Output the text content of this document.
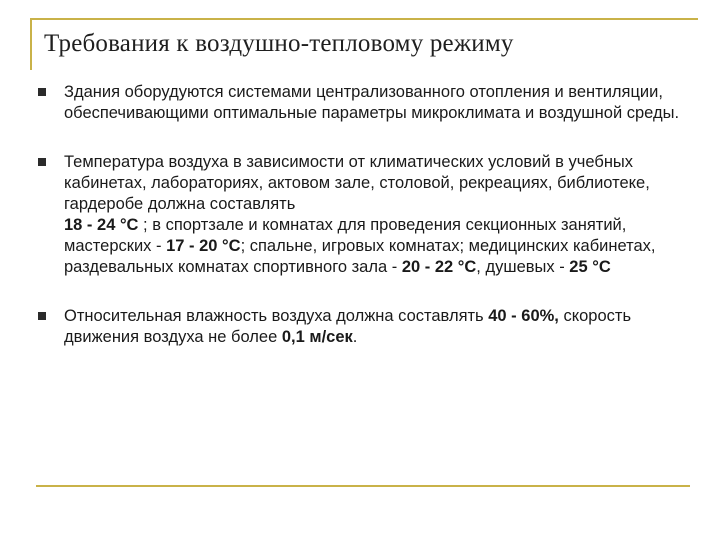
Требования к воздушно-тепловому режиму
Здания оборудуются системами централизованного отопления и вентиляции, обеспечивающими оптимальные параметры микроклимата и воздушной среды.
Температура воздуха в зависимости от климатических условий в учебных кабинетах, лабораториях, актовом зале, столовой, рекреациях, библиотеке, гардеробе должна составлять
18 - 24 °С ; в спортзале и комнатах для проведения секционных занятий, мастерских - 17 - 20 °С; спальне, игровых комнатах; медицинских кабинетах, раздевальных комнатах спортивного зала - 20 - 22 °С, душевых - 25 °С
Относительная влажность воздуха должна составлять 40 - 60%, скорость движения воздуха не более 0,1 м/сек.
